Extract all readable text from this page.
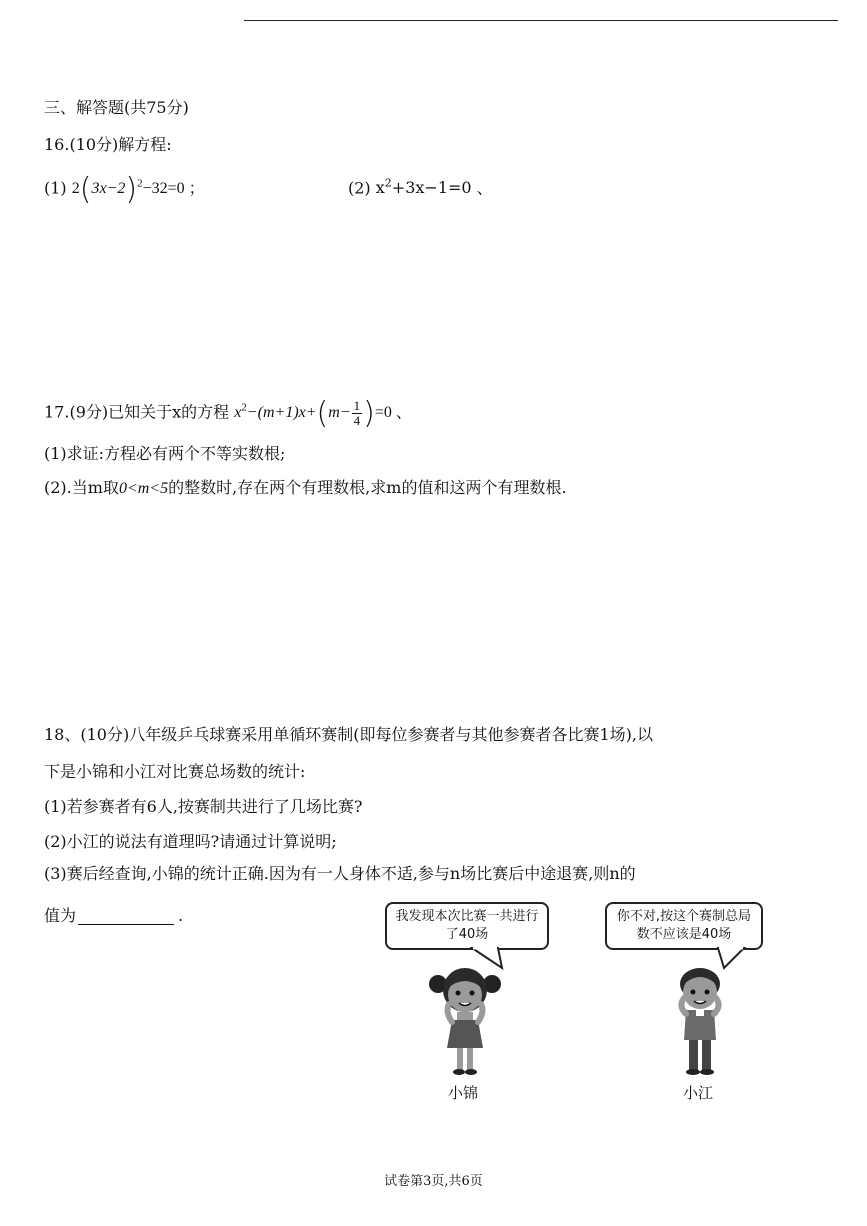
三、解答题(共75分)
16.(10分)解方程:
(1) $2(3x-2)^2-32=0$ ；	(2) $x^2+3x-1=0$ 、
17.(9分)已知关于x的方程 $x^2-(m+1)x+(m- \frac{1}{4} )=0$ 、
(1)求证:方程必有两个不等实数根;
(2).当m取0<m<5的整数时,存在两个有理数根,求m的值和这两个有理数根.
18、(10分)八年级乒乓球赛采用单循环赛制(即每位参赛者与其他参赛者各比赛1场),以
下是小锦和小江对比赛总场数的统计:
(1)若参赛者有6人,按赛制共进行了几场比赛?
(2)小江的说法有道理吗?请通过计算说明;
(3)赛后经查询,小锦的统计正确.因为有一人身体不适,参与n场比赛后中途退赛,则n的
值为	.	我发现本次比赛一共进行了40场
你不对,按这个赛制总局数不应该是40场
小锦	小江
试卷第3页,共6页
